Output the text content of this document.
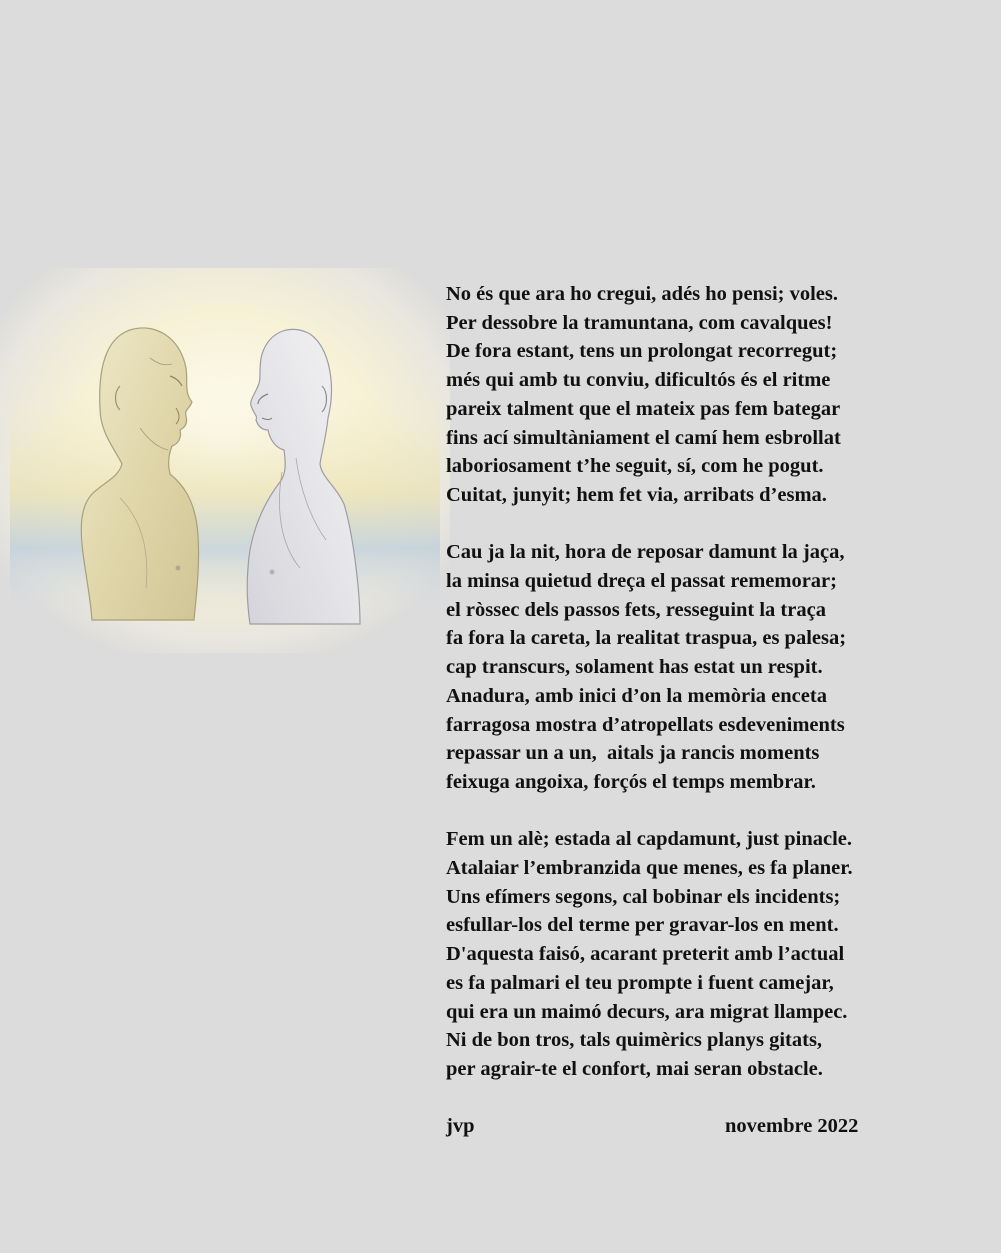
No és que ara ho cregui, adés ho pensi; voles.
Per dessobre la tramuntana, com cavalques!
De fora estant, tens un prolongat recorregut;
més qui amb tu conviu, dificultós és el ritme
pareix talment que el mateix pas fem bategar
fins ací simultàniament el camí hem esbrollat
laboriosament t’he seguit, sí, com he pogut.
Cuitat, junyit; hem fet via, arribats d’esma.
Cau ja la nit, hora de reposar damunt la jaça,
la minsa quietud dreça el passat rememorar;
el ròssec dels passos fets, resseguint la traça
fa fora la careta, la realitat traspua, es palesa;
cap transcurs, solament has estat un respit.
Anadura, amb inici d’on la memòria enceta
farragosa mostra d’atropellats esdeveniments
repassar un a un,  aitals ja rancis moments
feixuga angoixa, forçós el temps membrar.
Fem un alè; estada al capdamunt, just pinacle.
Atalaiar l’embranzida que menes, es fa planer.
Uns efímers segons, cal bobinar els incidents;
esfullar-los del terme per gravar-los en ment.
D'aquesta faisó, acarant preterit amb l’actual
es fa palmari el teu prompte i fuent camejar,
qui era un maimó decurs, ara migrat llampec.
Ni de bon tros, tals quimèrics planys gitats,
per agrair-te el confort, mai seran obstacle.
jvp	novembre 2022
